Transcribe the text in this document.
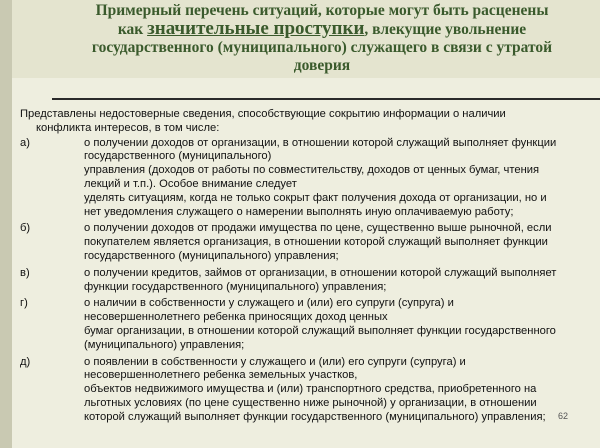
Примерный перечень ситуаций, которые могут быть расценены
как значительные проступки, влекущие увольнение
государственного (муниципального) служащего в связи с утратой
доверия
Представлены недостоверные сведения, способствующие сокрытию информации о наличии
конфликта интересов, в том числе:
а)	о получении доходов от организации, в отношении которой служащий выполняет функции
государственного (муниципального)
управления (доходов от работы по совместительству, доходов от ценных бумаг, чтения
лекций и т.п.). Особое внимание следует
уделять ситуациям, когда не только сокрыт факт получения дохода от организации, но и
нет уведомления служащего о намерении выполнять иную оплачиваемую работу;
б)	о получении доходов от продажи имущества по цене, существенно выше рыночной, если
покупателем является организация, в отношении которой служащий выполняет функции
государственного (муниципального) управления;
в)	о получении кредитов, займов от организации, в отношении которой служащий выполняет
функции государственного (муниципального) управления;
г)	о наличии в собственности у служащего и (или) его супруги (супруга) и
несовершеннолетнего ребенка приносящих доход ценных
бумаг организации, в отношении которой служащий выполняет функции государственного
(муниципального) управления;
д)	о появлении в собственности у служащего и (или) его супруги (супруга) и
несовершеннолетнего ребенка земельных участков,
объектов недвижимого имущества и (или) транспортного средства, приобретенного на
льготных условиях (по цене существенно ниже рыночной) у организации, в отношении
которой служащий выполняет функции государственного (муниципального) управления;	62
